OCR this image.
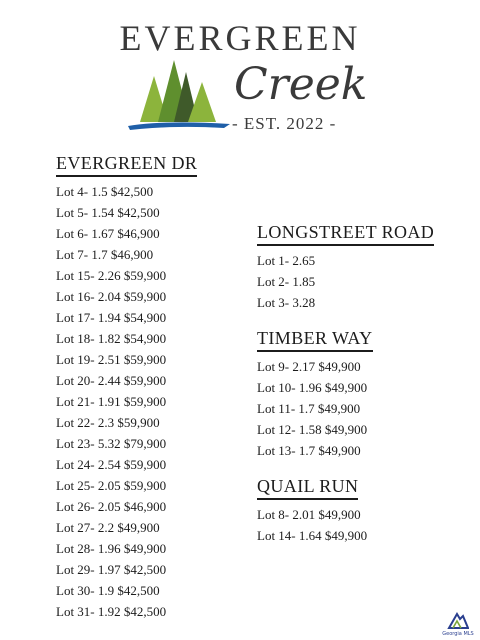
EVERGREEN
Creek
- EST. 2022 -
EVERGREEN DR
Lot 4- 1.5 $42,500
Lot 5- 1.54 $42,500
Lot 6- 1.67 $46,900
Lot 7- 1.7 $46,900
Lot 15- 2.26 $59,900
Lot 16- 2.04 $59,900
Lot 17- 1.94 $54,900
Lot 18- 1.82 $54,900
Lot 19- 2.51 $59,900
Lot 20- 2.44 $59,900
Lot 21- 1.91 $59,900
Lot 22- 2.3 $59,900
Lot 23- 5.32 $79,900
Lot 24- 2.54 $59,900
Lot 25- 2.05 $59,900
Lot 26- 2.05 $46,900
Lot 27- 2.2 $49,900
Lot 28- 1.96 $49,900
Lot 29- 1.97 $42,500
Lot 30- 1.9 $42,500
Lot 31- 1.92 $42,500
LONGSTREET ROAD
Lot 1- 2.65
Lot 2- 1.85
Lot 3- 3.28
TIMBER WAY
Lot 9- 2.17 $49,900
Lot 10- 1.96 $49,900
Lot 11- 1.7 $49,900
Lot 12- 1.58 $49,900
Lot 13- 1.7 $49,900
QUAIL RUN
Lot 8- 2.01 $49,900
Lot 14- 1.64 $49,900
Georgia MLS
